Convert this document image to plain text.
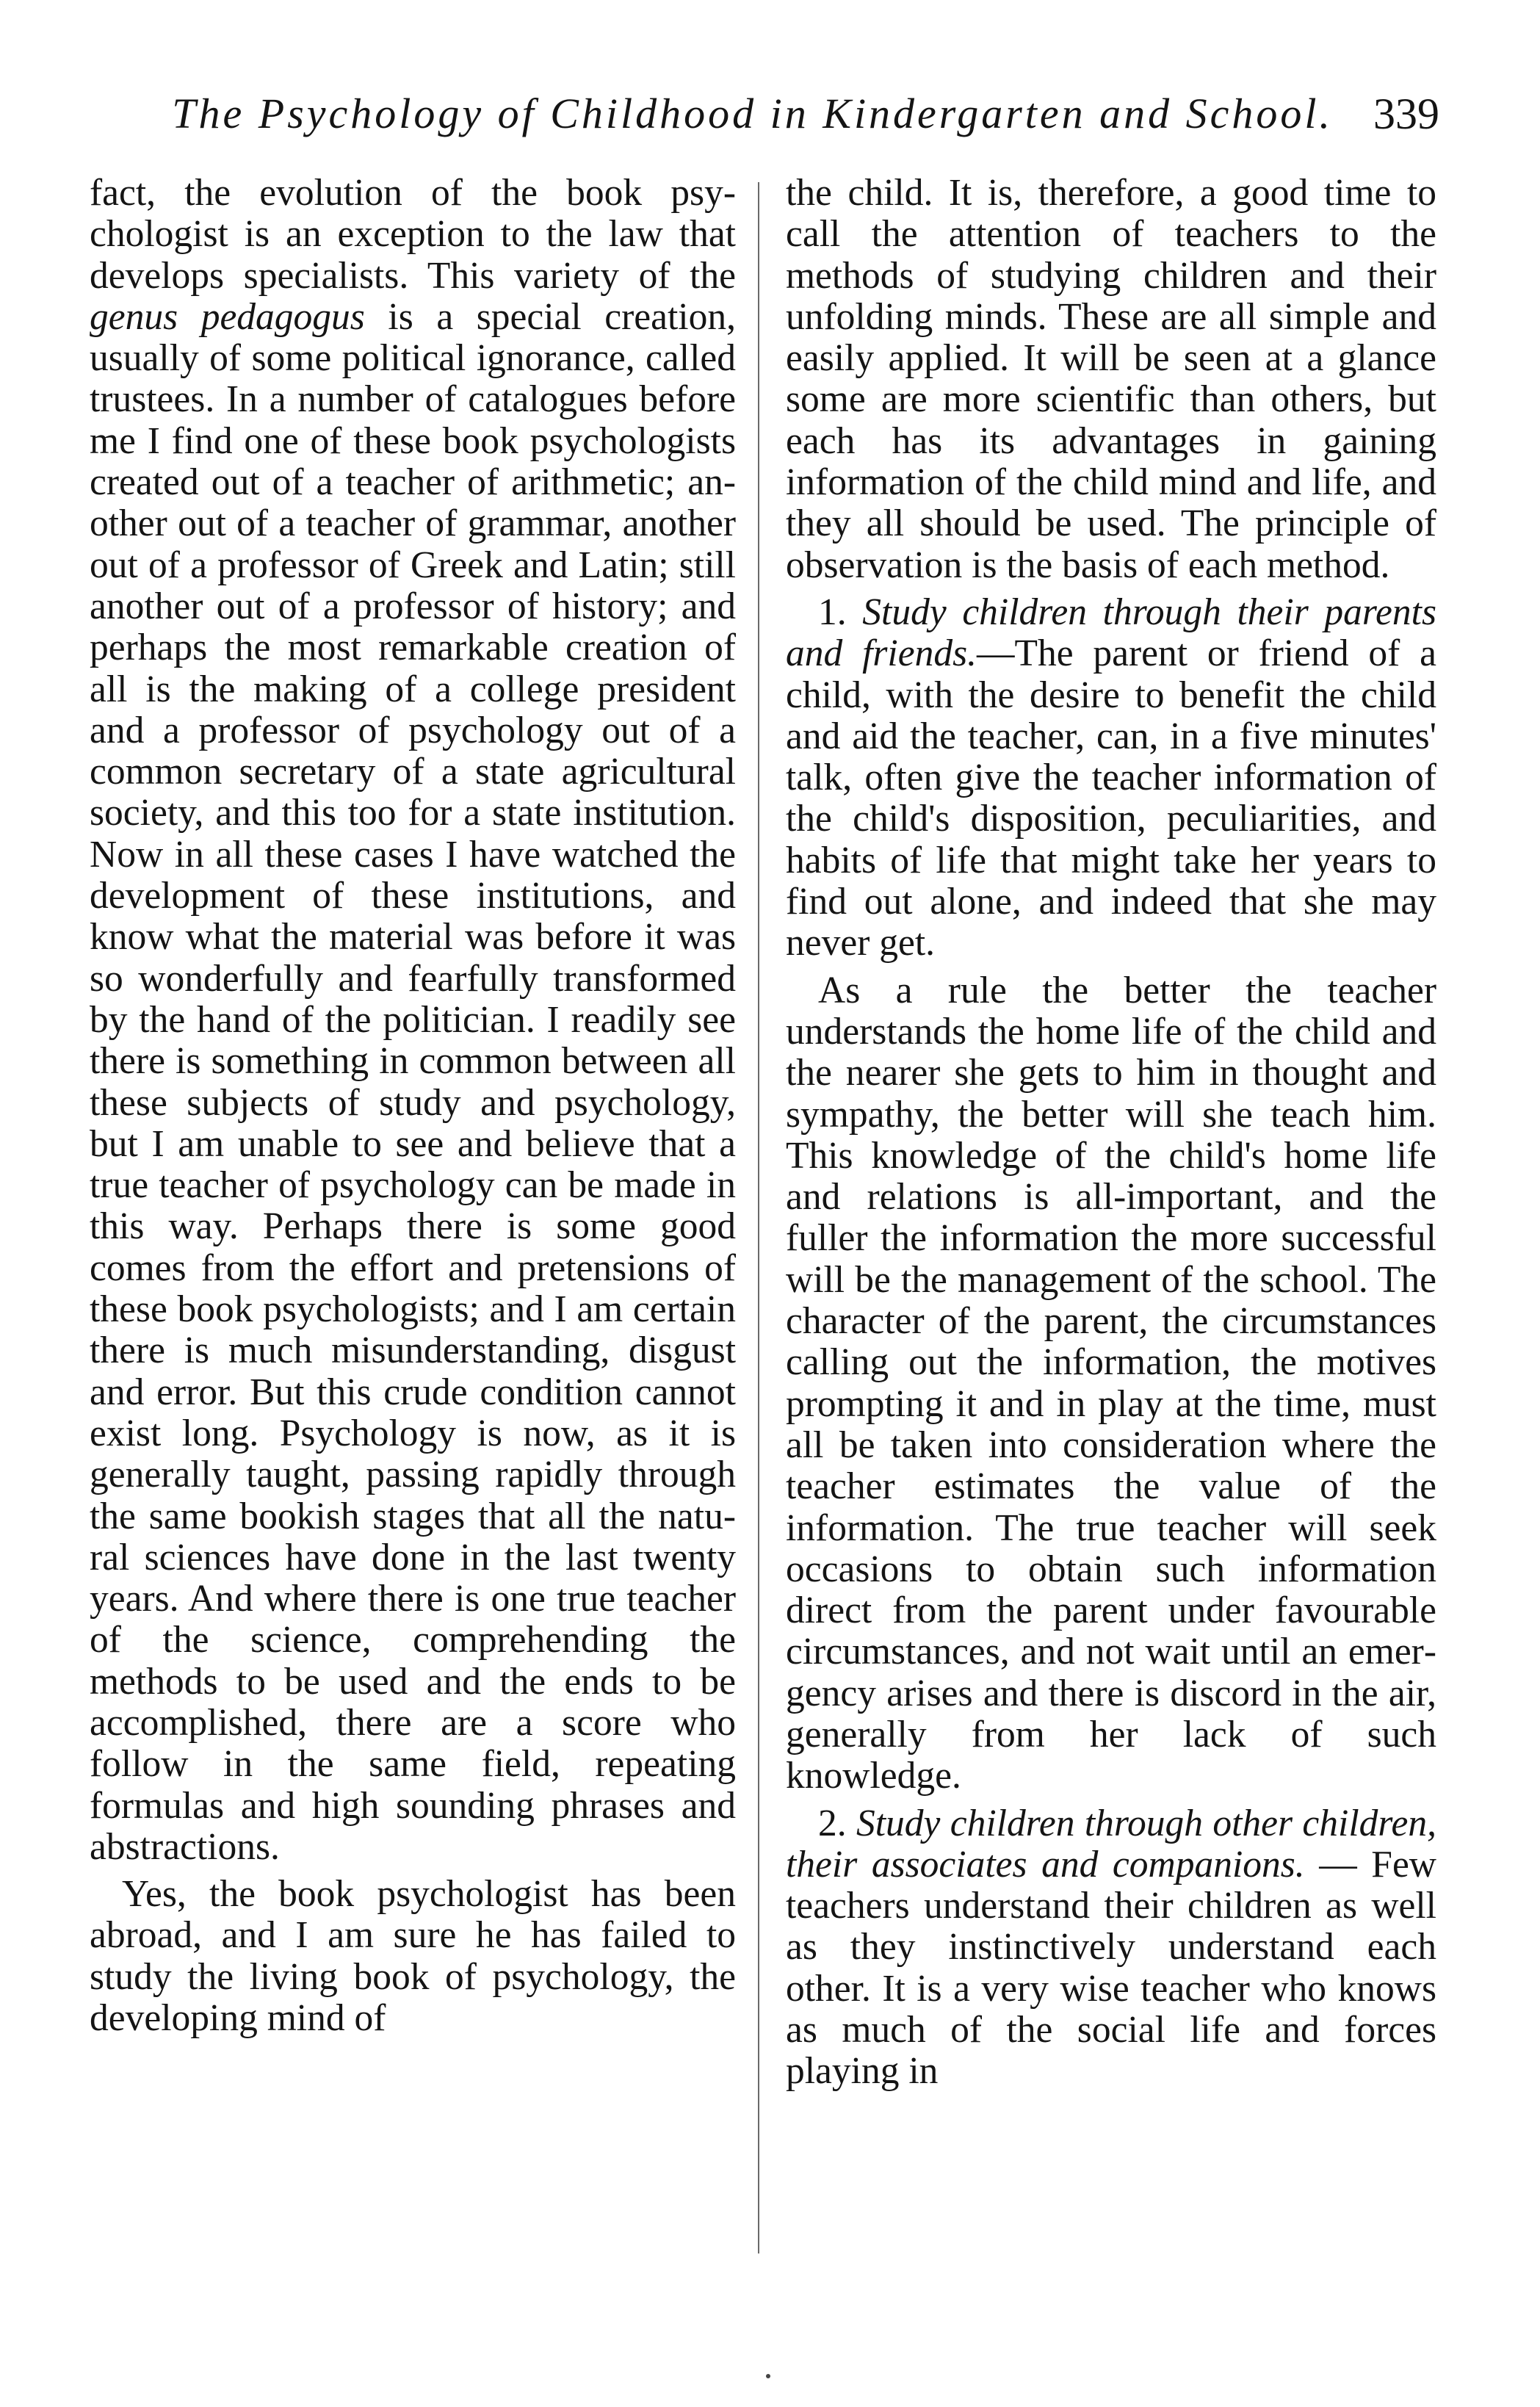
The Psychology of Childhood in Kindergarten and School. 339

fact, the evolution of the book psychologist is an exception to the law that develops specialists. This variety of the genus pedagogus is a special creation, usually of some political ignorance, called trustees. In a number of catalogues before me I find one of these book psychologists created out of a teacher of arithmetic; another out of a teacher of grammar, another out of a professor of Greek and Latin; still another out of a professor of history; and perhaps the most remarkable creation of all is the making of a college president and a professor of psychology out of a common secretary of a state agricultural society, and this too for a state institution. Now in all these cases I have watched the development of these institutions, and know what the material was before it was so wonderfully and fearfully transformed by the hand of the politician. I readily see there is something in common between all these subjects of study and psychology, but I am unable to see and believe that a true teacher of psychology can be made in this way. Perhaps there is some good comes from the effort and pretensions of these book psychologists; and I am certain there is much misunderstanding, disgust and error. But this crude condition cannot exist long. Psychology is now, as it is generally taught, passing rapidly through the same bookish stages that all the natural sciences have done in the last twenty years. And where there is one true teacher of the science, comprehending the methods to be used and the ends to be accomplished, there are a score who follow in the same field, repeating formulas and high sounding phrases and abstractions.

Yes, the book psychologist has been abroad, and I am sure he has failed to study the living book of psychology, the developing mind of

the child. It is, therefore, a good time to call the attention of teachers to the methods of studying children and their unfolding minds. These are all simple and easily applied. It will be seen at a glance some are more scientific than others, but each has its advantages in gaining information of the child mind and life, and they all should be used. The principle of observation is the basis of each method.

1. Study children through their parents and friends.—The parent or friend of a child, with the desire to benefit the child and aid the teacher, can, in a five minutes' talk, often give the teacher information of the child's disposition, peculiarities, and habits of life that might take her years to find out alone, and indeed that she may never get.

As a rule the better the teacher understands the home life of the child and the nearer she gets to him in thought and sympathy, the better will she teach him. This knowledge of the child's home life and relations is all-important, and the fuller the information the more successful will be the management of the school. The character of the parent, the circumstances calling out the information, the motives prompting it and in play at the time, must all be taken into consideration where the teacher estimates the value of the information. The true teacher will seek occasions to obtain such information direct from the parent under favourable circumstances, and not wait until an emergency arises and there is discord in the air, generally from her lack of such knowledge.

2. Study children through other children, their associates and companions. — Few teachers understand their children as well as they instinctively understand each other. It is a very wise teacher who knows as much of the social life and forces playing in
